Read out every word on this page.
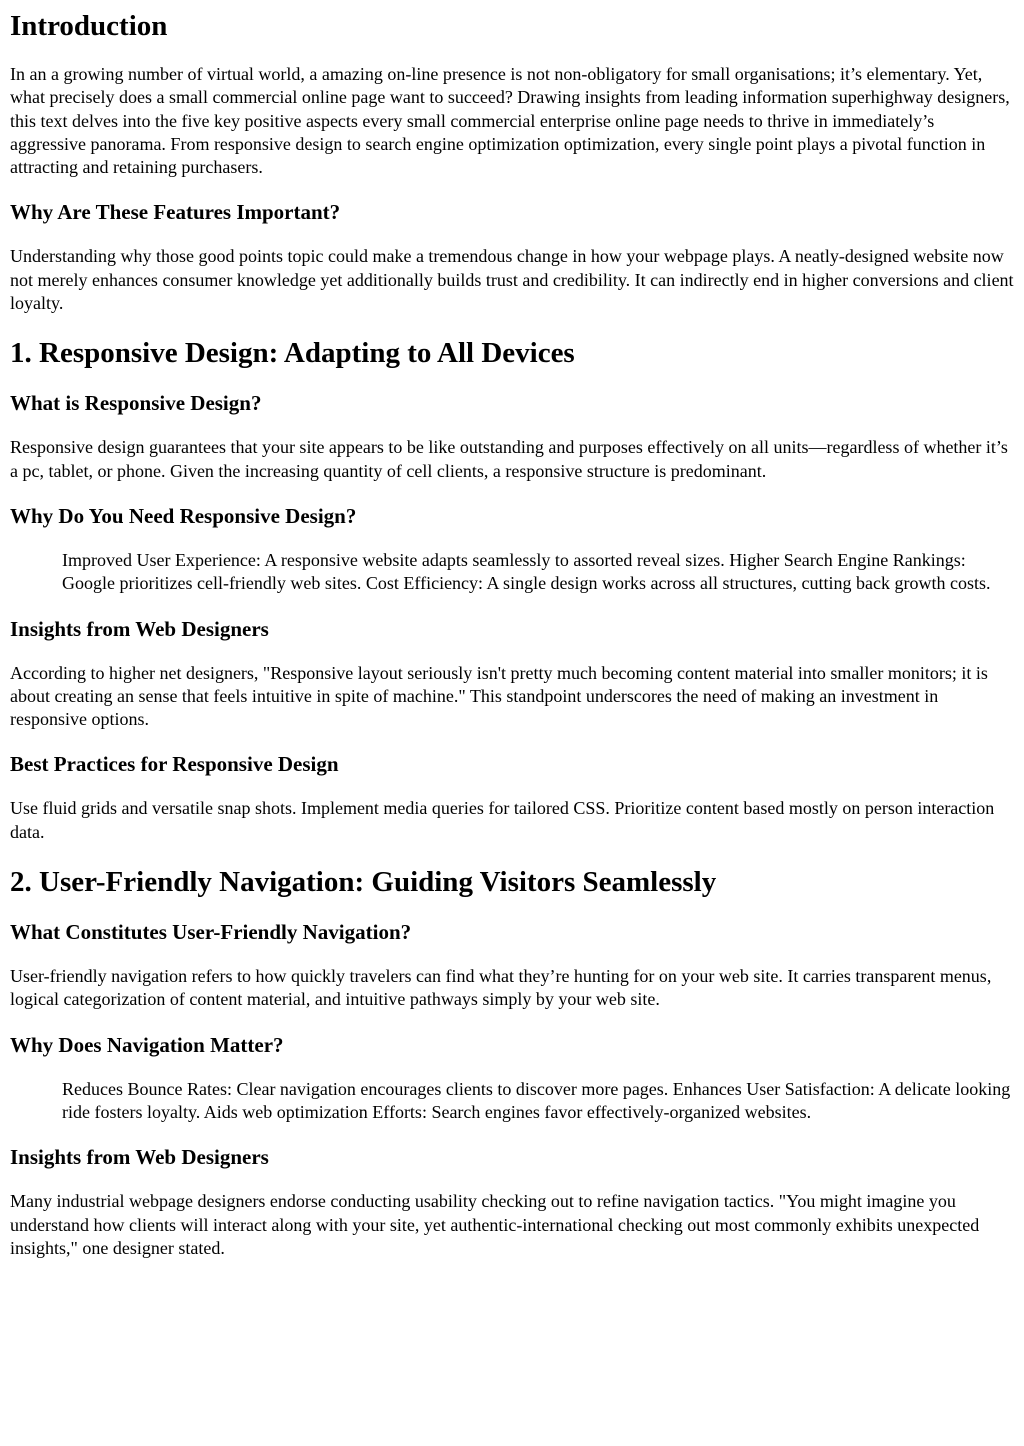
Introduction

In an a growing number of virtual world, a amazing on-line presence is not non-obligatory for small organisations; it’s elementary. Yet, what precisely does a small commercial online page want to succeed? Drawing insights from leading information superhighway designers, this text delves into the five key positive aspects every small commercial enterprise online page needs to thrive in immediately’s aggressive panorama. From responsive design to search engine optimization optimization, every single point plays a pivotal function in attracting and retaining purchasers.

Why Are These Features Important?

Understanding why those good points topic could make a tremendous change in how your webpage plays. A neatly-designed website now not merely enhances consumer knowledge yet additionally builds trust and credibility. It can indirectly end in higher conversions and client loyalty.

1. Responsive Design: Adapting to All Devices
What is Responsive Design?

Responsive design guarantees that your site appears to be like outstanding and purposes effectively on all units—regardless of whether it’s a pc, tablet, or phone. Given the increasing quantity of cell clients, a responsive structure is predominant.

Why Do You Need Responsive Design?
Improved User Experience: A responsive website adapts seamlessly to assorted reveal sizes. Higher Search Engine Rankings: Google prioritizes cell-friendly web sites. Cost Efficiency: A single design works across all structures, cutting back growth costs.
Insights from Web Designers

According to higher net designers, "Responsive layout seriously isn't pretty much becoming content material into smaller monitors; it is about creating an sense that feels intuitive in spite of machine." This standpoint underscores the need of making an investment in responsive options.

Best Practices for Responsive Design

Use fluid grids and versatile snap shots. Implement media queries for tailored CSS. Prioritize content based mostly on person interaction data.

2. User-Friendly Navigation: Guiding Visitors Seamlessly
What Constitutes User-Friendly Navigation?

User-friendly navigation refers to how quickly travelers can find what they’re hunting for on your web site. It carries transparent menus, logical categorization of content material, and intuitive pathways simply by your web site.

Why Does Navigation Matter?
Reduces Bounce Rates: Clear navigation encourages clients to discover more pages. Enhances User Satisfaction: A delicate looking ride fosters loyalty. Aids web optimization Efforts: Search engines favor effectively-organized websites.
Insights from Web Designers

Many industrial webpage designers endorse conducting usability checking out to refine navigation tactics. "You might imagine you understand how clients will interact along with your site, yet authentic-international checking out most commonly exhibits unexpected insights," one designer stated.
